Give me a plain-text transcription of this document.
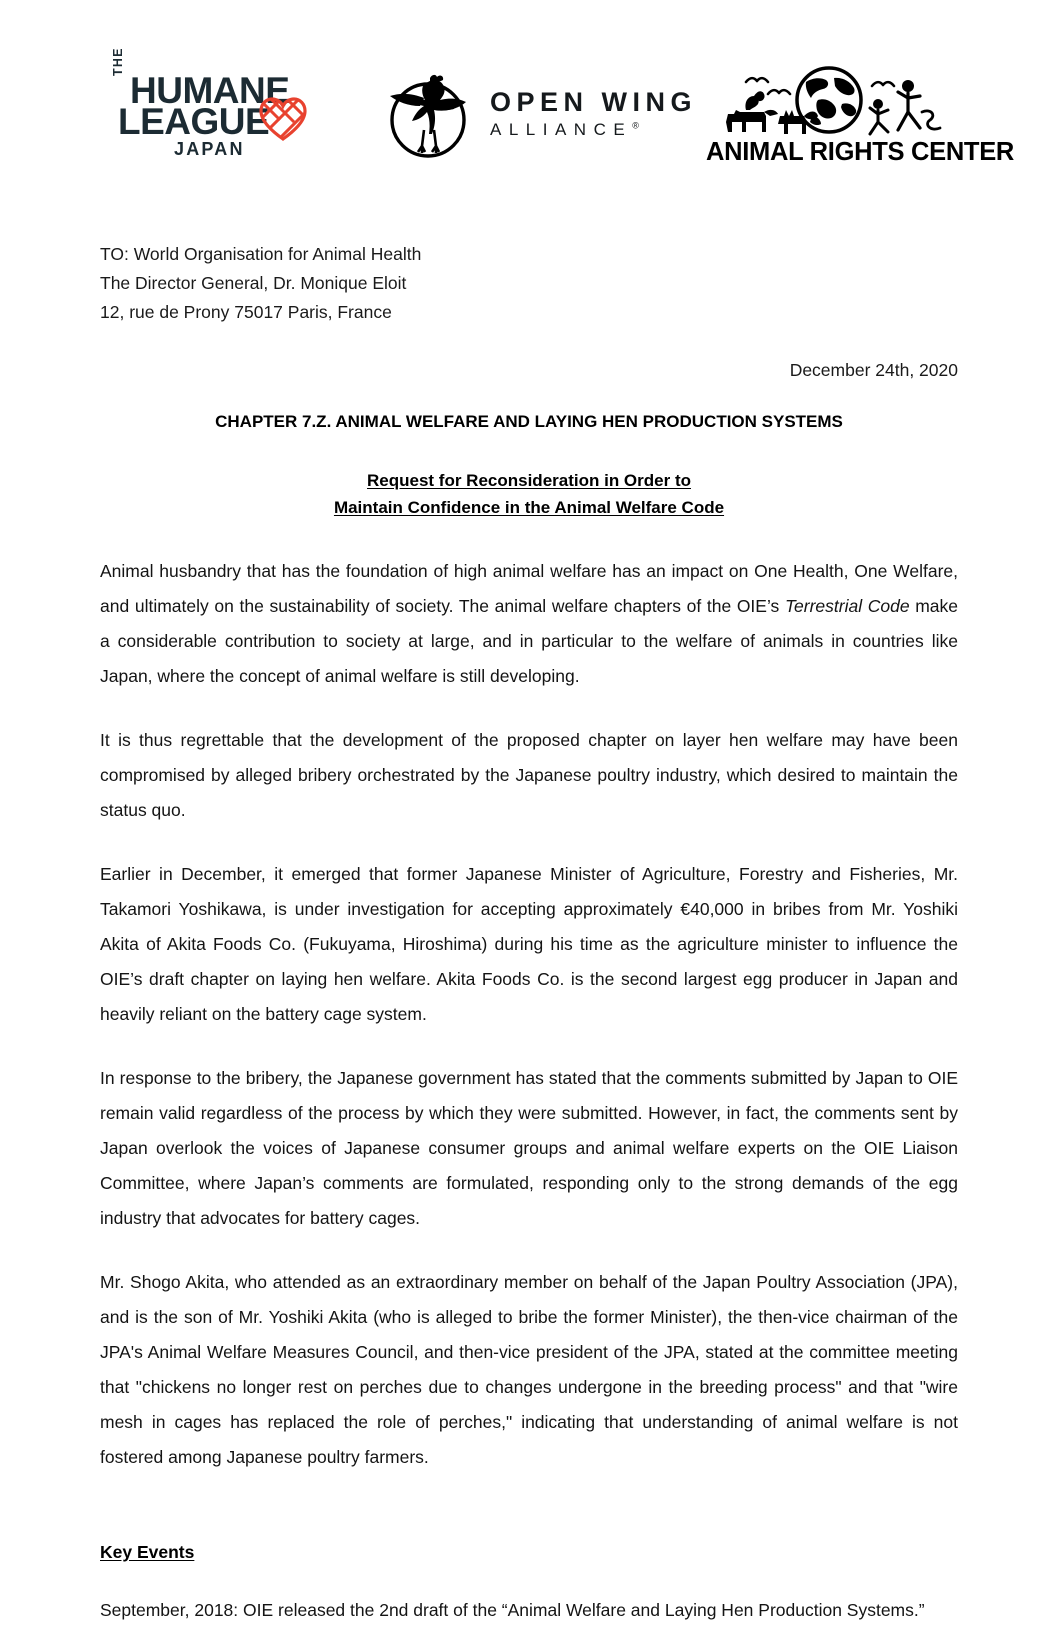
THE
HUMANE
LEAGUE
JAPAN
OPEN WING
ALLIANCE®
ANIMAL RIGHTS CENTER
TO: World Organisation for Animal Health
The Director General, Dr. Monique Eloit
12, rue de Prony 75017 Paris, France
December 24th, 2020
CHAPTER 7.Z. ANIMAL WELFARE AND LAYING HEN PRODUCTION SYSTEMS
Request for Reconsideration in Order to
Maintain Confidence in the Animal Welfare Code

Animal husbandry that has the foundation of high animal welfare has an impact on One Health, One Welfare, and ultimately on the sustainability of society. The animal welfare chapters of the OIE’s Terrestrial Code make a considerable contribution to society at large, and in particular to the welfare of animals in countries like Japan, where the concept of animal welfare is still developing.

It is thus regrettable that the development of the proposed chapter on layer hen welfare may have been compromised by alleged bribery orchestrated by the Japanese poultry industry, which desired to maintain the status quo.

Earlier in December, it emerged that former Japanese Minister of Agriculture, Forestry and Fisheries, Mr. Takamori Yoshikawa, is under investigation for accepting approximately €40,000 in bribes from Mr. Yoshiki Akita of Akita Foods Co. (Fukuyama, Hiroshima) during his time as the agriculture minister to influence the OIE’s draft chapter on laying hen welfare. Akita Foods Co. is the second largest egg producer in Japan and heavily reliant on the battery cage system.

In response to the bribery, the Japanese government has stated that the comments submitted by Japan to OIE remain valid regardless of the process by which they were submitted. However, in fact, the comments sent by Japan overlook the voices of Japanese consumer groups and animal welfare experts on the OIE Liaison Committee, where Japan’s comments are formulated, responding only to the strong demands of the egg industry that advocates for battery cages.

Mr. Shogo Akita, who attended as an extraordinary member on behalf of the Japan Poultry Association (JPA), and is the son of Mr. Yoshiki Akita (who is alleged to bribe the former Minister), the then-vice chairman of the JPA's Animal Welfare Measures Council, and then-vice president of the JPA, stated at the committee meeting that "chickens no longer rest on perches due to changes undergone in the breeding process" and that "wire mesh in cages has replaced the role of perches," indicating that understanding of animal welfare is not fostered among Japanese poultry farmers.

Key Events
September, 2018: OIE released the 2nd draft of the “Animal Welfare and Laying Hen Production Systems.”
